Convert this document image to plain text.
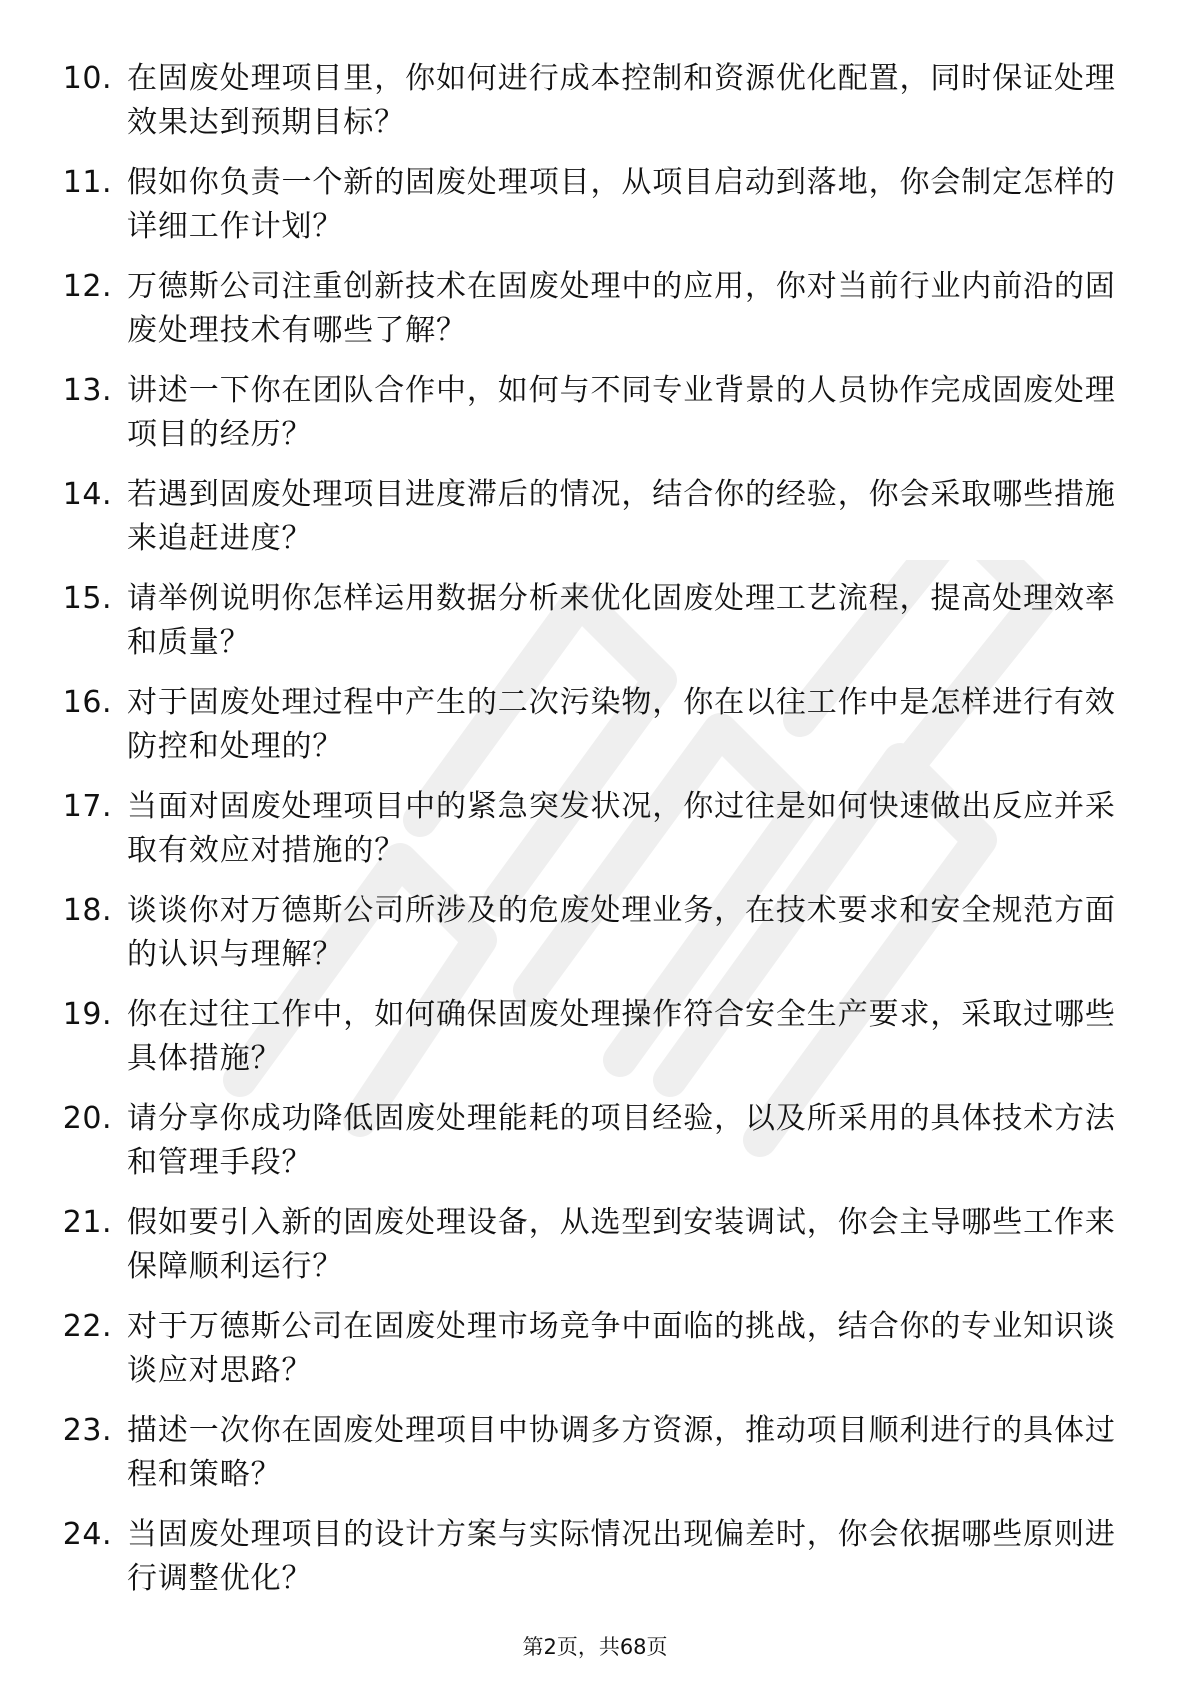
10. 在固废处理项目里，你如何进行成本控制和资源优化配置，同时保证处理效果达到预期目标？

11. 假如你负责一个新的固废处理项目，从项目启动到落地，你会制定怎样的详细工作计划？

12. 万德斯公司注重创新技术在固废处理中的应用，你对当前行业内前沿的固废处理技术有哪些了解？

13. 讲述一下你在团队合作中，如何与不同专业背景的人员协作完成固废处理项目的经历？

14. 若遇到固废处理项目进度滞后的情况，结合你的经验，你会采取哪些措施来追赶进度？

15. 请举例说明你怎样运用数据分析来优化固废处理工艺流程，提高处理效率和质量？

16. 对于固废处理过程中产生的二次污染物，你在以往工作中是怎样进行有效防控和处理的？

17. 当面对固废处理项目中的紧急突发状况，你过往是如何快速做出反应并采取有效应对措施的？

18. 谈谈你对万德斯公司所涉及的危废处理业务，在技术要求和安全规范方面的认识与理解？

19. 你在过往工作中，如何确保固废处理操作符合安全生产要求，采取过哪些具体措施？

20. 请分享你成功降低固废处理能耗的项目经验，以及所采用的具体技术方法和管理手段？

21. 假如要引入新的固废处理设备，从选型到安装调试，你会主导哪些工作来保障顺利运行？

22. 对于万德斯公司在固废处理市场竞争中面临的挑战，结合你的专业知识谈谈应对思路？

23. 描述一次你在固废处理项目中协调多方资源，推动项目顺利进行的具体过程和策略？

24. 当固废处理项目的设计方案与实际情况出现偏差时，你会依据哪些原则进行调整优化？

第2页，共68页
